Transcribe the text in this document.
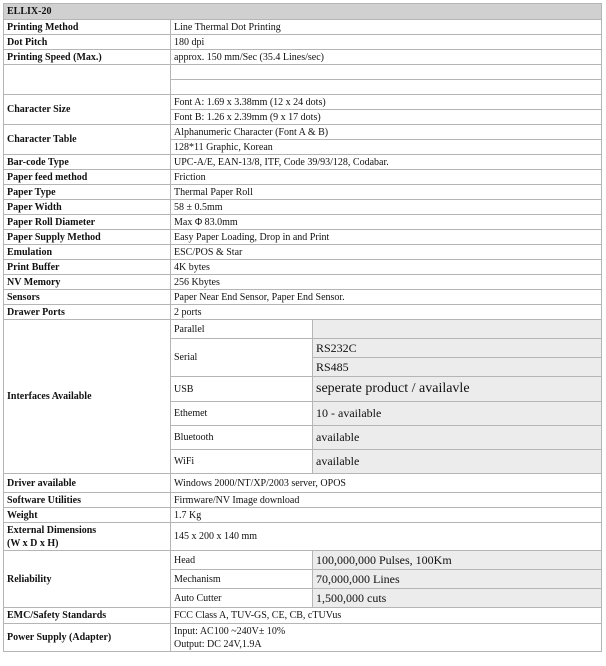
ELLIX-20		
Printing Method	Line Thermal Dot Printing	
Dot Pitch	180 dpi	
Printing Speed (Max.)	approx. 150 mm/Sec (35.4 Lines/sec)	

Character Size	Font A: 1.69 x 3.38mm (12 x 24 dots)	
	Font B: 1.26 x 2.39mm (9 x 17 dots)	
Character Table	Alphanumeric Character (Font A & B)	
	128*11 Graphic, Korean	
Bar-code Type	UPC-A/E, EAN-13/8, ITF, Code 39/93/128, Codabar.	
Paper feed method	Friction	
Paper Type	Thermal Paper Roll	
Paper Width	58 ± 0.5mm	
Paper Roll Diameter	Max Φ 83.0mm	
Paper Supply Method	Easy Paper Loading, Drop in and Print	
Emulation	ESC/POS & Star	
Print Buffer	4K bytes	
NV Memory	256 Kbytes	
Sensors	Paper Near End Sensor, Paper End Sensor.	
Drawer Ports	2 ports	
Interfaces Available	Parallel	
	Serial	RS232C
		RS485
	USB	seperate product / availavle
	Ethemet	10 - available
	Bluetooth	available
	WiFi	available
Driver available	Windows 2000/NT/XP/2003 server, OPOS	
Software Utilities	Firmware/NV Image download	
Weight	1.7 Kg	

External Dimensions
(W x D x H)	145 x 200 x 140 mm	
Reliability	Head	100,000,000 Pulses, 100Km
	Mechanism	70,000,000 Lines
	Auto Cutter	1,500,000 cuts
EMC/Safety Standards	FCC Class A, TUV-GS, CE, CB, cTUVus	
Power Supply (Adapter)	Input: AC100 ~240V± 10%
Output: DC 24V,1.9A	
